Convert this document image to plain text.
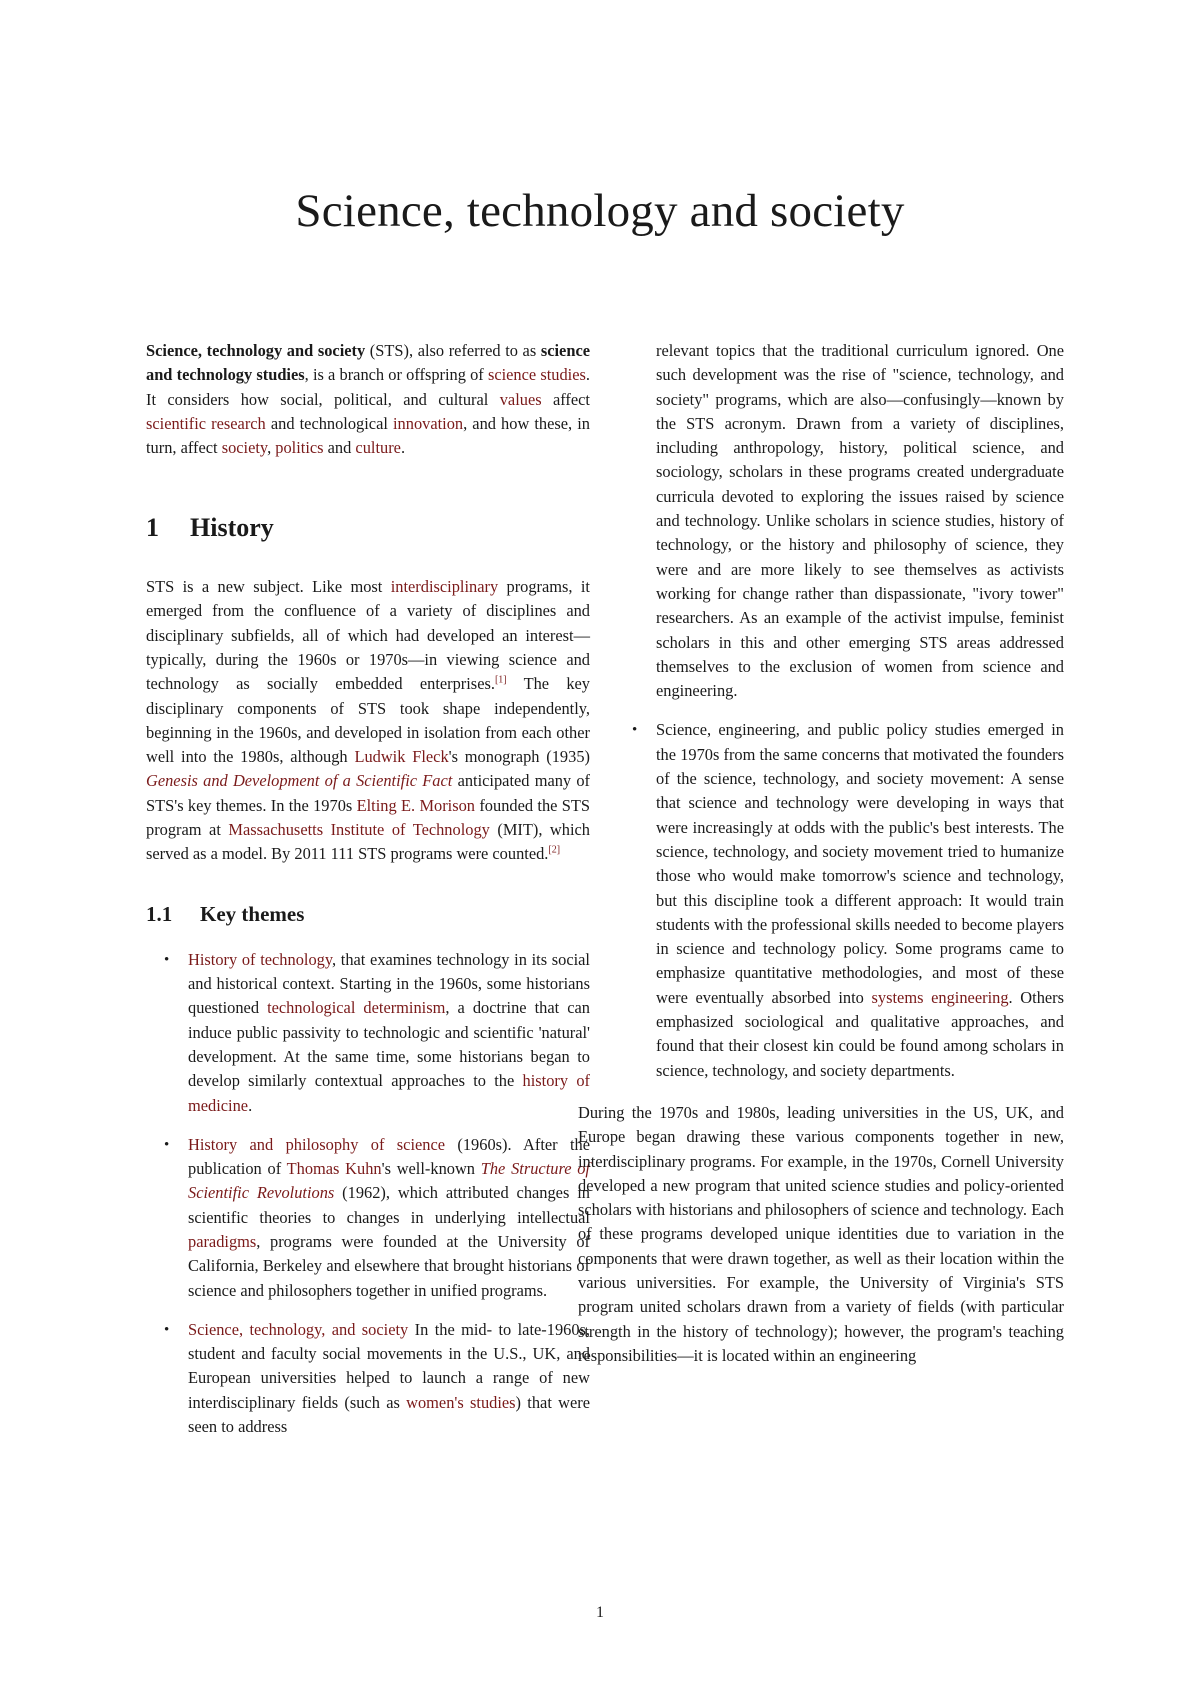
Science, technology and society

Science, technology and society (STS), also referred to as science and technology studies, is a branch or offspring of science studies. It considers how social, political, and cultural values affect scientific research and technological innovation, and how these, in turn, affect society, politics and culture.

1 History

STS is a new subject. Like most interdisciplinary programs, it emerged from the confluence of a variety of disciplines and disciplinary subfields, all of which had developed an interest—typically, during the 1960s or 1970s—in viewing science and technology as socially embedded enterprises.[1] The key disciplinary components of STS took shape independently, beginning in the 1960s, and developed in isolation from each other well into the 1980s, although Ludwik Fleck's monograph (1935) Genesis and Development of a Scientific Fact anticipated many of STS's key themes. In the 1970s Elting E. Morison founded the STS program at Massachusetts Institute of Technology (MIT), which served as a model. By 2011 111 STS programs were counted.[2]

1.1 Key themes
• History of technology, that examines technology in its social and historical context. Starting in the 1960s, some historians questioned technological determinism, a doctrine that can induce public passivity to technologic and scientific 'natural' development. At the same time, some historians began to develop similarly contextual approaches to the history of medicine.

• History and philosophy of science (1960s). After the publication of Thomas Kuhn's well-known The Structure of Scientific Revolutions (1962), which attributed changes in scientific theories to changes in underlying intellectual paradigms, programs were founded at the University of California, Berkeley and elsewhere that brought historians of science and philosophers together in unified programs.

• Science, technology, and society In the mid- to late-1960s, student and faculty social movements in the U.S., UK, and European universities helped to launch a range of new interdisciplinary fields (such as women's studies) that were seen to address

relevant topics that the traditional curriculum ignored. One such development was the rise of "science, technology, and society" programs, which are also—confusingly—known by the STS acronym. Drawn from a variety of disciplines, including anthropology, history, political science, and sociology, scholars in these programs created undergraduate curricula devoted to exploring the issues raised by science and technology. Unlike scholars in science studies, history of technology, or the history and philosophy of science, they were and are more likely to see themselves as activists working for change rather than dispassionate, "ivory tower" researchers. As an example of the activist impulse, feminist scholars in this and other emerging STS areas addressed themselves to the exclusion of women from science and engineering.

• Science, engineering, and public policy studies emerged in the 1970s from the same concerns that motivated the founders of the science, technology, and society movement: A sense that science and technology were developing in ways that were increasingly at odds with the public's best interests. The science, technology, and society movement tried to humanize those who would make tomorrow's science and technology, but this discipline took a different approach: It would train students with the professional skills needed to become players in science and technology policy. Some programs came to emphasize quantitative methodologies, and most of these were eventually absorbed into systems engineering. Others emphasized sociological and qualitative approaches, and found that their closest kin could be found among scholars in science, technology, and society departments.

During the 1970s and 1980s, leading universities in the US, UK, and Europe began drawing these various components together in new, interdisciplinary programs. For example, in the 1970s, Cornell University developed a new program that united science studies and policy-oriented scholars with historians and philosophers of science and technology. Each of these programs developed unique identities due to variation in the components that were drawn together, as well as their location within the various universities. For example, the University of Virginia's STS program united scholars drawn from a variety of fields (with particular strength in the history of technology); however, the program's teaching responsibilities—it is located within an engineering

1
